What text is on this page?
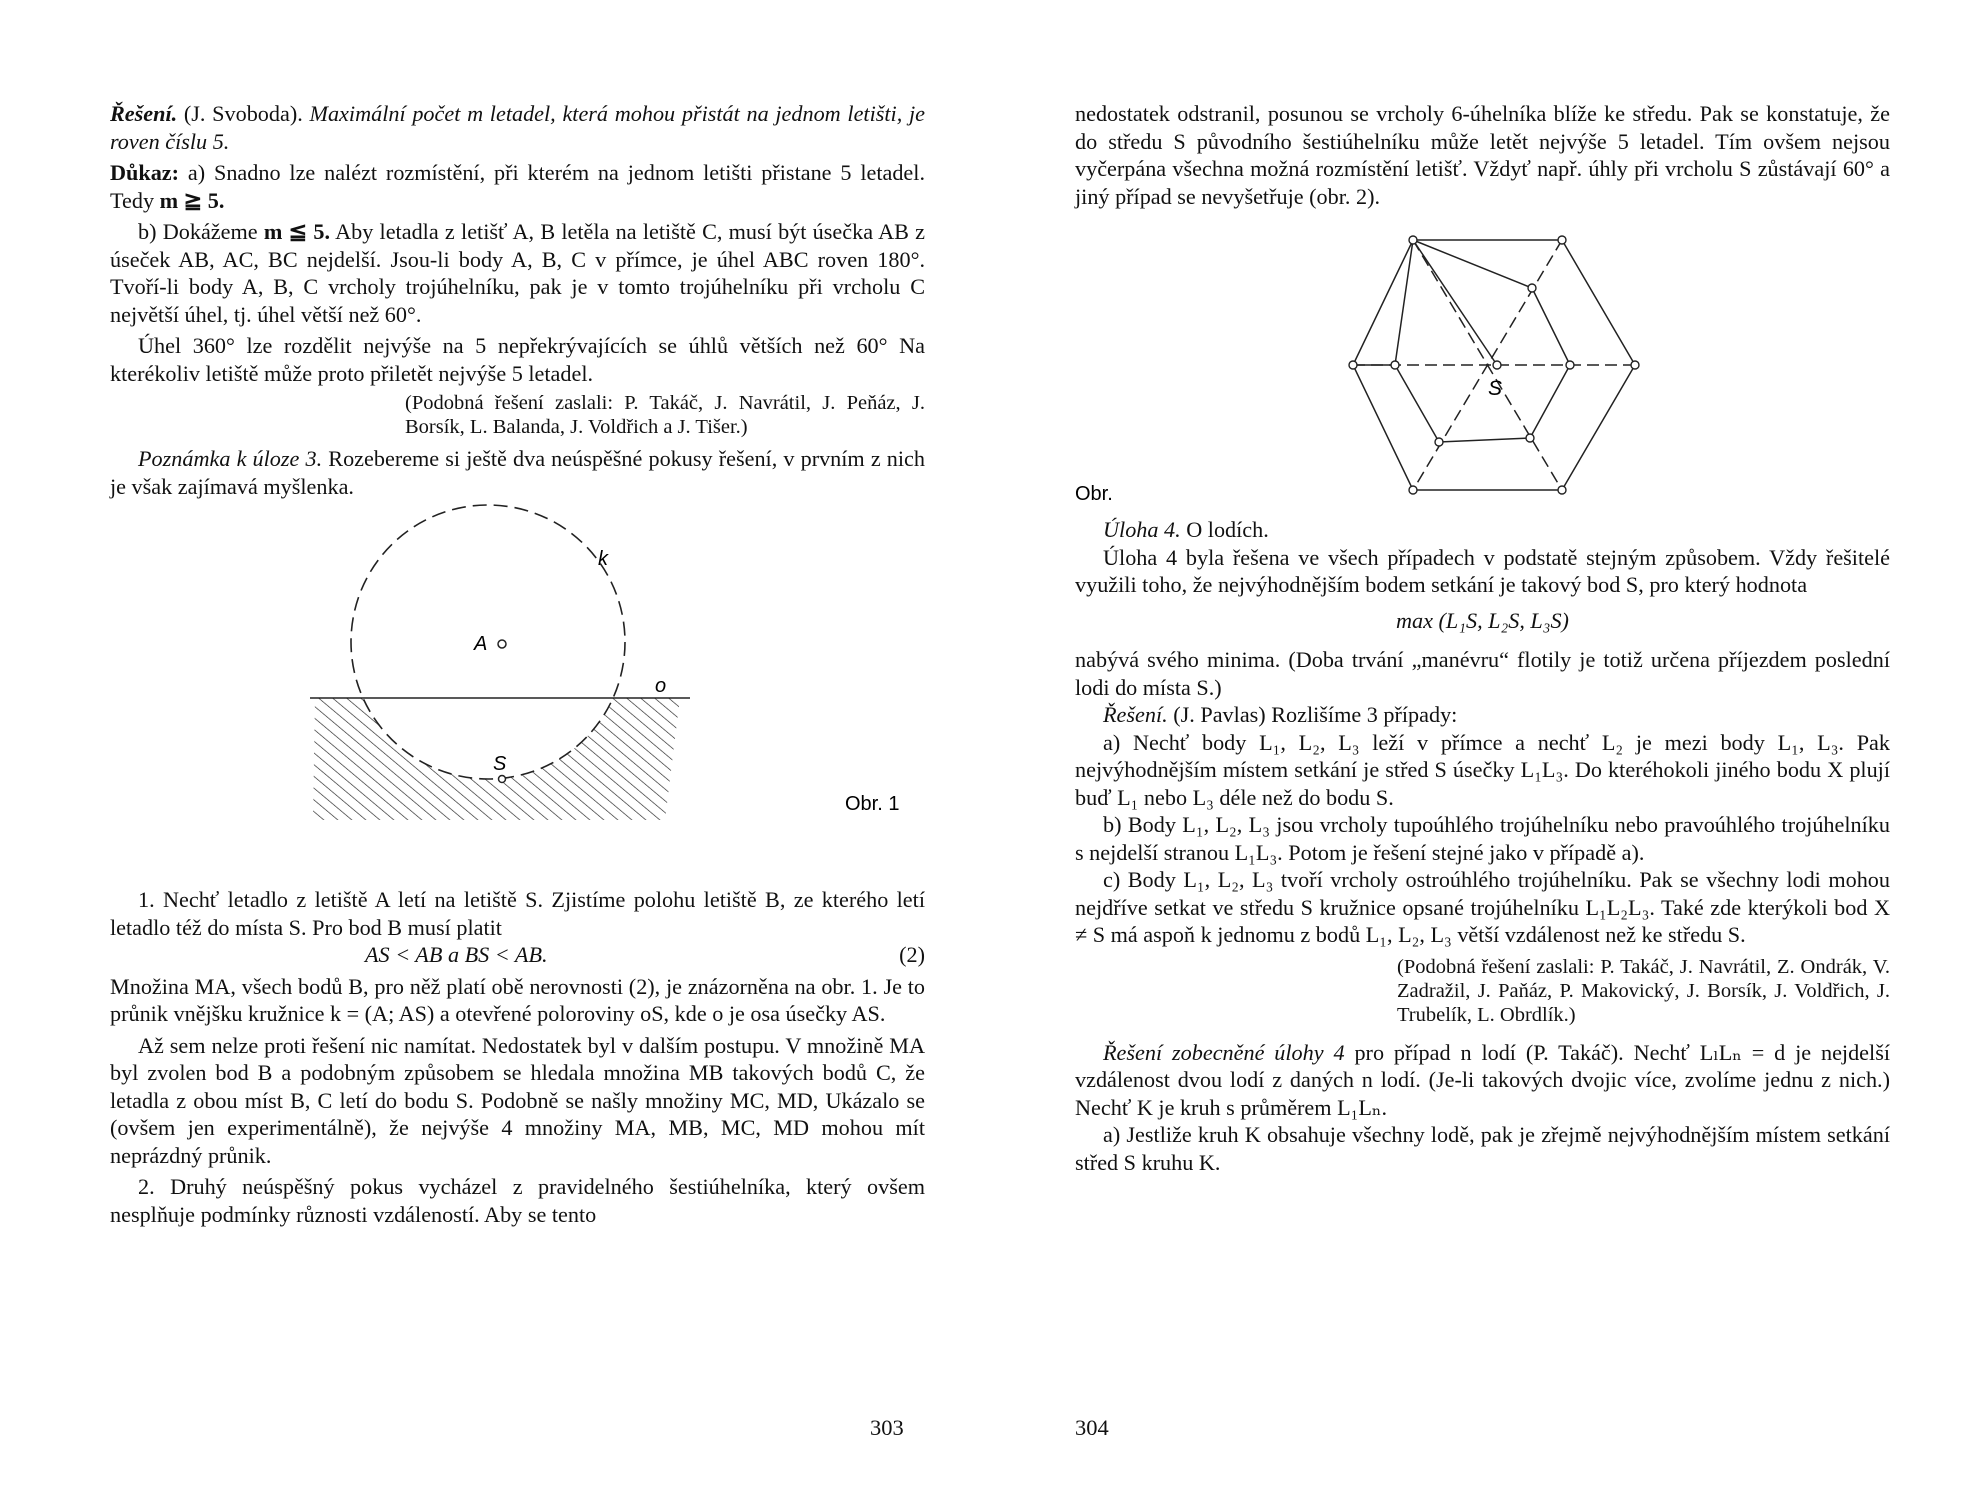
Řešení. (J. Svoboda). Maximální počet m letadel, která mohou přistát na jednom letišti, je roven číslu 5.

Důkaz: a) Snadno lze nalézt rozmístění, při kterém na jednom letišti přistane 5 letadel. Tedy m ≧ 5.

b) Dokážeme m ≦ 5. Aby letadla z letišť A, B letěla na letiště C, musí být úsečka AB z úseček AB, AC, BC nejdelší. Jsou-li body A, B, C v přímce, je úhel ABC roven 180°. Tvoří-li body A, B, C vrcholy trojúhelníku, pak je v tomto trojúhelníku při vrcholu C největší úhel, tj. úhel větší než 60°.

Úhel 360° lze rozdělit nejvýše na 5 nepřekrývajících se úhlů větších než 60° Na kterékoliv letiště může proto přiletět nejvýše 5 letadel.

(Podobná řešení zaslali: P. Takáč, J. Navrátil, J. Peňáz, J. Borsík, L. Balanda, J. Voldřich a J. Tišer.)

Poznámka k úloze 3. Rozebereme si ještě dva neúspěšné pokusy řešení, v prvním z nich je však zajímavá myšlenka.

k
A
o
S
Obr. 1

1. Nechť letadlo z letiště A letí na letiště S. Zjistíme polohu letiště B, ze kterého letí letadlo též do místa S. Pro bod B musí platit

AS < AB a BS < AB.	(2)

Množina MA, všech bodů B, pro něž platí obě nerovnosti (2), je znázorněna na obr. 1. Je to průnik vnějšku kružnice k = (A; AS) a otevřené poloroviny oS, kde o je osa úsečky AS.

Až sem nelze proti řešení nic namítat. Nedostatek byl v dalším postupu. V množině MA byl zvolen bod B a podobným způsobem se hledala množina MB takových bodů C, že letadla z obou míst B, C letí do bodu S. Podobně se našly množiny MC, MD, Ukázalo se (ovšem jen experimentálně), že nejvýše 4 množiny MA, MB, MC, MD mohou mít neprázdný průnik.

2. Druhý neúspěšný pokus vycházel z pravidelného šestiúhelníka, který ovšem nesplňuje podmínky různosti vzdáleností. Aby se tento

303

nedostatek odstranil, posunou se vrcholy 6-úhelníka blíže ke středu. Pak se konstatuje, že do středu S původního šestiúhelníku může letět nejvýše 5 letadel. Tím ovšem nejsou vyčerpána všechna možná rozmístění letišť. Vždyť např. úhly při vrcholu S zůstávají 60° a jiný případ se nevyšetřuje (obr. 2).

S
Obr.

Úloha 4. O lodích.

Úloha 4 byla řešena ve všech případech v podstatě stejným způsobem. Vždy řešitelé využili toho, že nejvýhodnějším bodem setkání je takový bod S, pro který hodnota

max (L₁S, L₂S, L₃S)

nabývá svého minima. (Doba trvání „manévru“ flotily je totiž určena příjezdem poslední lodi do místa S.)

Řešení. (J. Pavlas) Rozlišíme 3 případy:

a) Nechť body L₁, L₂, L₃ leží v přímce a nechť L₂ je mezi body L₁, L₃. Pak nejvýhodnějším místem setkání je střed S úsečky L₁L₃. Do kteréhokoli jiného bodu X plují buď L₁ nebo L₃ déle než do bodu S.

b) Body L₁, L₂, L₃ jsou vrcholy tupoúhlého trojúhelníku nebo pravoúhlého trojúhelníku s nejdelší stranou L₁L₃. Potom je řešení stejné jako v případě a).

c) Body L₁, L₂, L₃ tvoří vrcholy ostroúhlého trojúhelníku. Pak se všechny lodi mohou nejdříve setkat ve středu S kružnice opsané trojúhelníku L₁L₂L₃. Také zde kterýkoli bod X ≠ S má aspoň k jednomu z bodů L₁, L₂, L₃ větší vzdálenost než ke středu S.

(Podobná řešení zaslali: P. Takáč, J. Navrátil, Z. Ondrák, V. Zadražil, J. Paňáz, P. Makovický, J. Borsík, J. Voldřich, J. Trubelík, L. Obrdlík.)

Řešení zobecněné úlohy 4 pro případ n lodí (P. Takáč). Nechť LₗLₙ = d je nejdelší vzdálenost dvou lodí z daných n lodí. (Je-li takových dvojic více, zvolíme jednu z nich.) Nechť K je kruh s průměrem L₁Lₙ.

a) Jestliže kruh K obsahuje všechny lodě, pak je zřejmě nejvýhodnějším místem setkání střed S kruhu K.

304
